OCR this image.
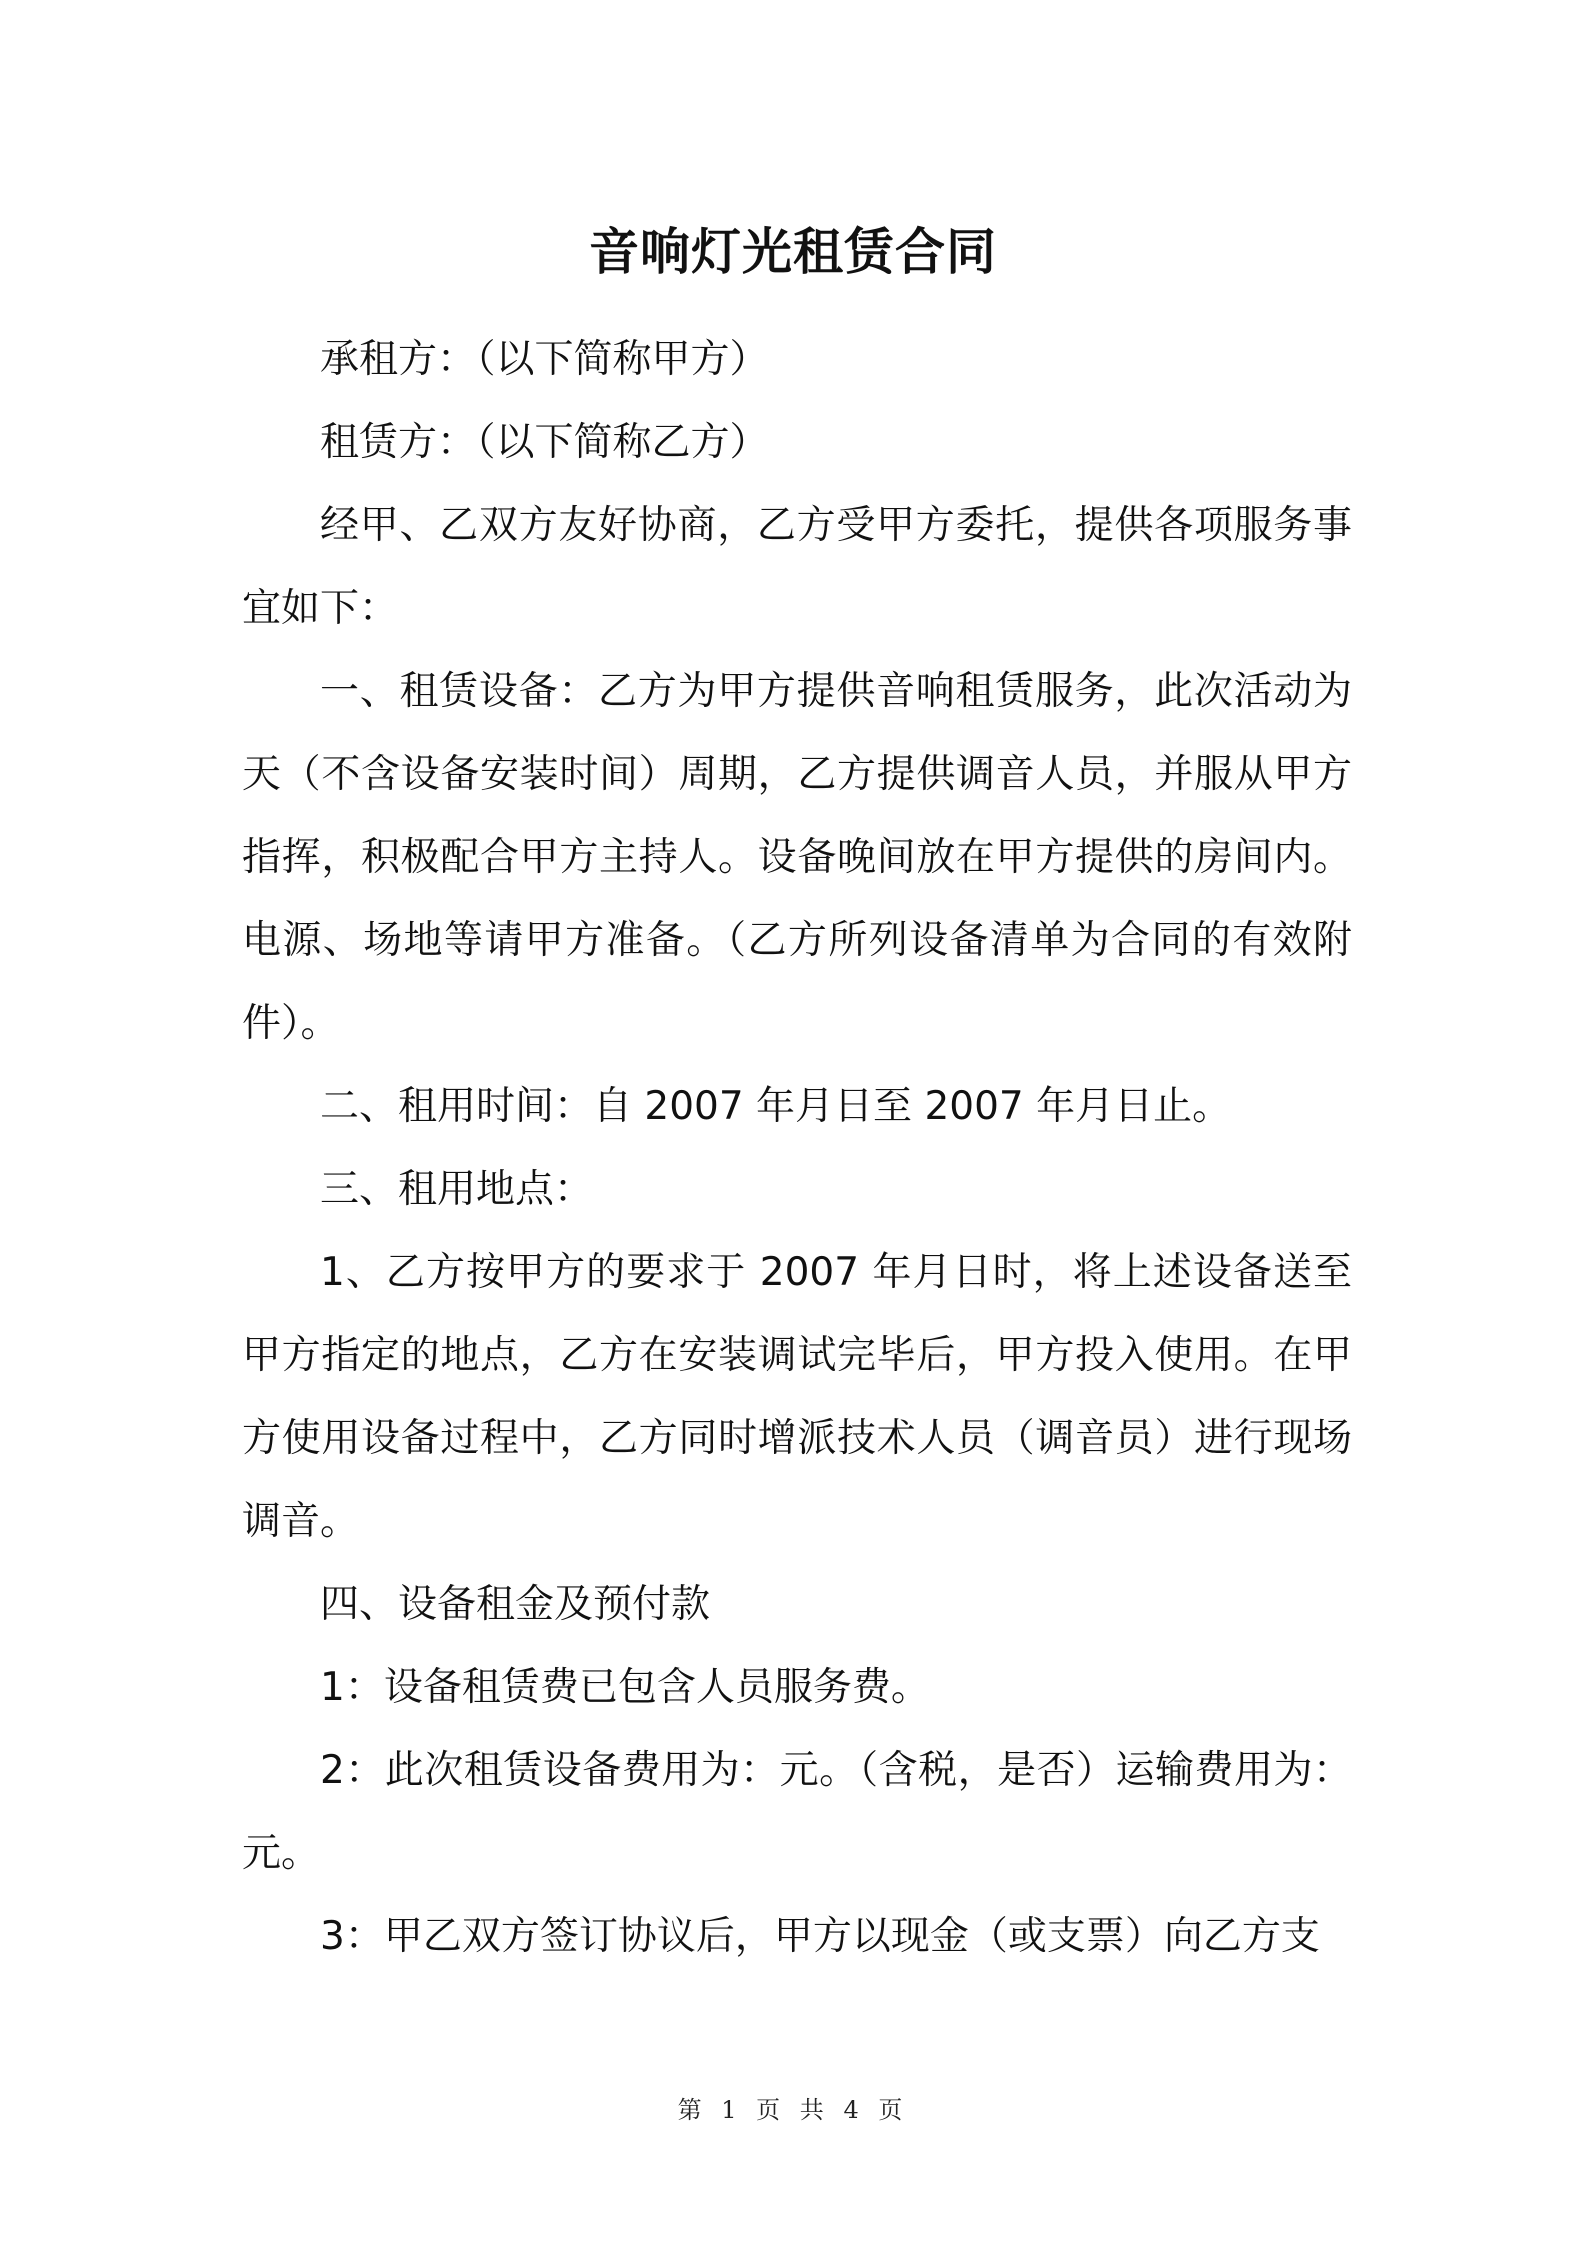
音响灯光租赁合同

承租方：（以下简称甲方）

租赁方：（以下简称乙方）

经甲、乙双方友好协商，乙方受甲方委托，提供各项服务事宜如下：

一、租赁设备：乙方为甲方提供音响租赁服务，此次活动为天（不含设备安装时间）周期，乙方提供调音人员，并服从甲方指挥，积极配合甲方主持人。设备晚间放在甲方提供的房间内。电源、场地等请甲方准备。（乙方所列设备清单为合同的有效附件）。

二、租用时间：自 2007 年月日至 2007 年月日止。

三、租用地点：

1、乙方按甲方的要求于 2007 年月日时，将上述设备送至甲方指定的地点，乙方在安装调试完毕后，甲方投入使用。在甲方使用设备过程中，乙方同时增派技术人员（调音员）进行现场调音。

四、设备租金及预付款

1：设备租赁费已包含人员服务费。

2：此次租赁设备费用为：元。（含税，是否）运输费用为：元。

3：甲乙双方签订协议后，甲方以现金（或支票）向乙方支

第 1 页 共 4 页
